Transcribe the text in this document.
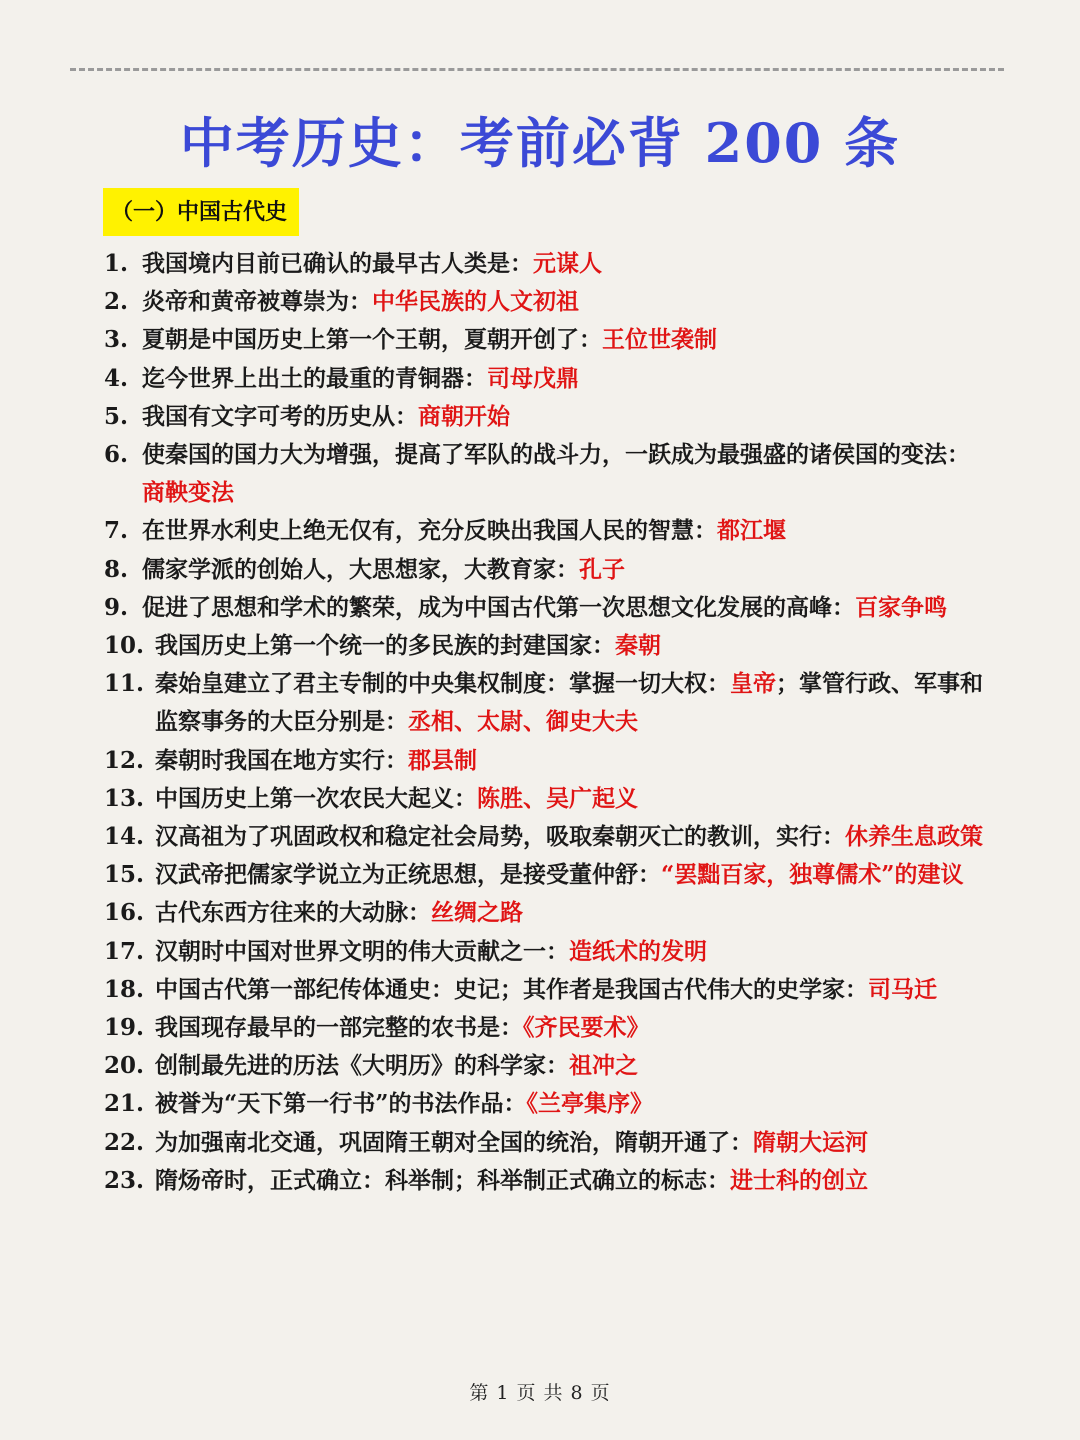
中考历史：考前必背 200 条
（一）中国古代史
1. 我国境内目前已确认的最早古人类是：元谋人
2. 炎帝和黄帝被尊崇为：中华民族的人文初祖
3. 夏朝是中国历史上第一个王朝，夏朝开创了：王位世袭制
4. 迄今世界上出土的最重的青铜器：司母戊鼎
5. 我国有文字可考的历史从：商朝开始
6. 使秦国的国力大为增强，提高了军队的战斗力，一跃成为最强盛的诸侯国的变法：商鞅变法
7. 在世界水利史上绝无仅有，充分反映出我国人民的智慧：都江堰
8. 儒家学派的创始人，大思想家，大教育家：孔子
9. 促进了思想和学术的繁荣，成为中国古代第一次思想文化发展的高峰：百家争鸣
10. 我国历史上第一个统一的多民族的封建国家：秦朝
11. 秦始皇建立了君主专制的中央集权制度：掌握一切大权：皇帝；掌管行政、军事和监察事务的大臣分别是：丞相、太尉、御史大夫
12. 秦朝时我国在地方实行：郡县制
13. 中国历史上第一次农民大起义：陈胜、吴广起义
14. 汉高祖为了巩固政权和稳定社会局势，吸取秦朝灭亡的教训，实行：休养生息政策
15. 汉武帝把儒家学说立为正统思想，是接受董仲舒：“罢黜百家，独尊儒术”的建议
16. 古代东西方往来的大动脉：丝绸之路
17. 汉朝时中国对世界文明的伟大贡献之一：造纸术的发明
18. 中国古代第一部纪传体通史：史记；其作者是我国古代伟大的史学家：司马迁
19. 我国现存最早的一部完整的农书是：《齐民要术》
20. 创制最先进的历法《大明历》的科学家：祖冲之
21. 被誉为“天下第一行书”的书法作品：《兰亭集序》
22. 为加强南北交通，巩固隋王朝对全国的统治，隋朝开通了：隋朝大运河
23. 隋炀帝时，正式确立：科举制；科举制正式确立的标志：进士科的创立
第 1 页 共 8 页
